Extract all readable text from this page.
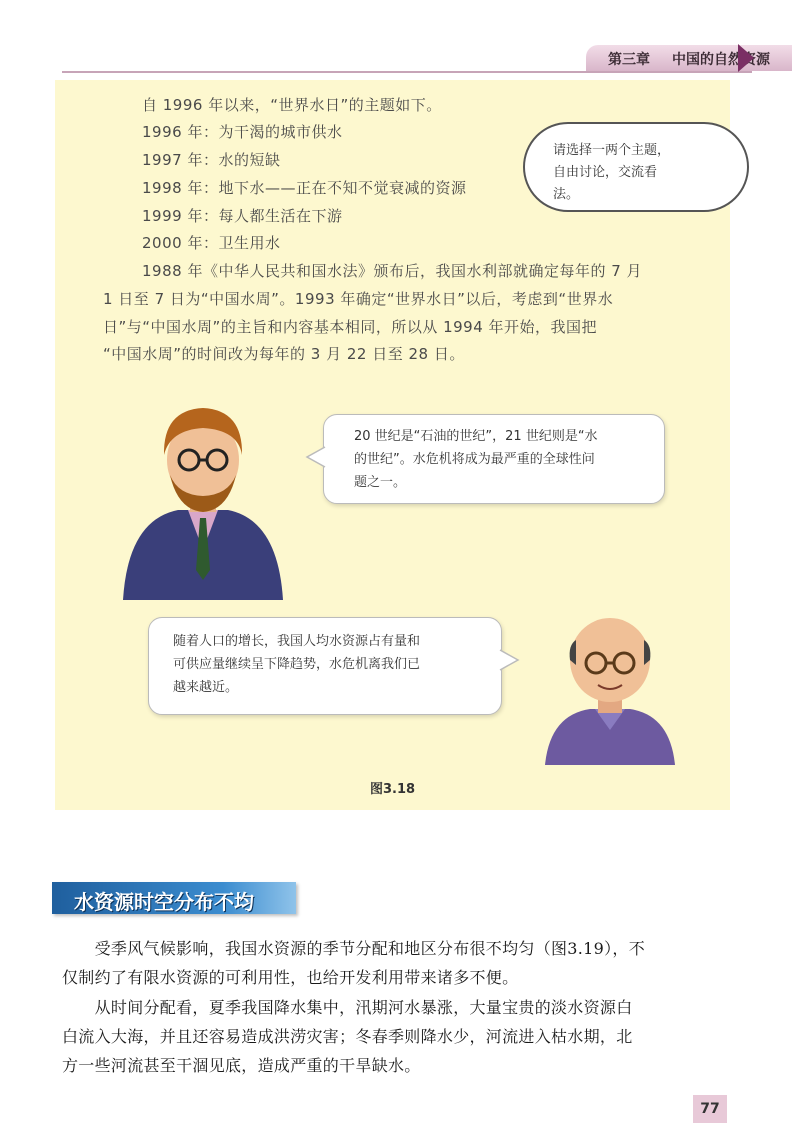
第三章 中国的自然资源
自 1996 年以来，“世界水日”的主题如下。
1996 年：为干渴的城市供水
1997 年：水的短缺
1998 年：地下水——正在不知不觉衰减的资源
1999 年：每人都生活在下游
2000 年：卫生用水
1988 年《中华人民共和国水法》颁布后，我国水利部就确定每年的 7 月
1 日至 7 日为“中国水周”。1993 年确定“世界水日”以后，考虑到“世界水
日”与“中国水周”的主旨和内容基本相同，所以从 1994 年开始，我国把
“中国水周”的时间改为每年的 3 月 22 日至 28 日。
请选择一两个主题，
自由讨论，交流看
法。
20 世纪是“石油的世纪”，21 世纪则是“水
的世纪”。水危机将成为最严重的全球性问
题之一。
随着人口的增长，我国人均水资源占有量和
可供应量继续呈下降趋势，水危机离我们已
越来越近。
图3.18
水资源时空分布不均
　　受季风气候影响，我国水资源的季节分配和地区分布很不均匀（图3.19），不
仅制约了有限水资源的可利用性，也给开发利用带来诸多不便。
　　从时间分配看，夏季我国降水集中，汛期河水暴涨，大量宝贵的淡水资源白
白流入大海，并且还容易造成洪涝灾害；冬春季则降水少，河流进入枯水期，北
方一些河流甚至干涸见底，造成严重的干旱缺水。
77
